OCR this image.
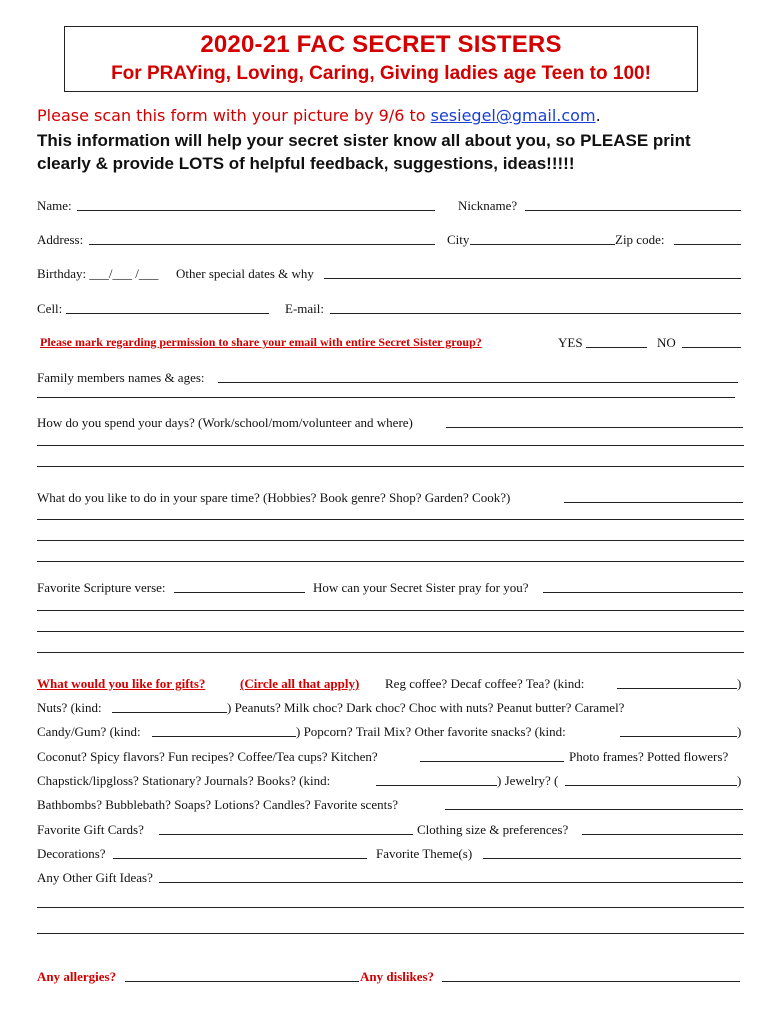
2020-21 FAC SECRET SISTERS
For PRAYing, Loving, Caring, Giving ladies age Teen to 100!
Please scan this form with your picture by 9/6 to sesiegel@gmail.com.
This information will help your secret sister know all about you, so PLEASE print clearly & provide LOTS of helpful feedback, suggestions, ideas!!!!!
Name:	Nickname?
Address:	City	Zip code:
Birthday: ___/___ /___ Other special dates & why
Cell:	E-mail:
Please mark regarding permission to share your email with entire Secret Sister group?	YES	NO
Family members names & ages:
How do you spend your days? (Work/school/mom/volunteer and where)
What do you like to do in your spare time? (Hobbies? Book genre? Shop? Garden? Cook?)
Favorite Scripture verse:	How can your Secret Sister pray for you?
What would you like for gifts?	(Circle all that apply) Reg coffee? Decaf coffee? Tea? (kind:	)
Nuts? (kind:	) Peanuts? Milk choc? Dark choc? Choc with nuts? Peanut butter? Caramel?
Candy/Gum? (kind:	) Popcorn? Trail Mix? Other favorite snacks? (kind:	)
Coconut? Spicy flavors? Fun recipes? Coffee/Tea cups? Kitchen?	Photo frames? Potted flowers?
Chapstick/lipgloss? Stationary? Journals? Books? (kind:	) Jewelry? (	)
Bathbombs? Bubblebath? Soaps? Lotions? Candles? Favorite scents?
Favorite Gift Cards?	Clothing size & preferences?
Decorations?	Favorite Theme(s)
Any Other Gift Ideas?
Any allergies?	Any dislikes?
